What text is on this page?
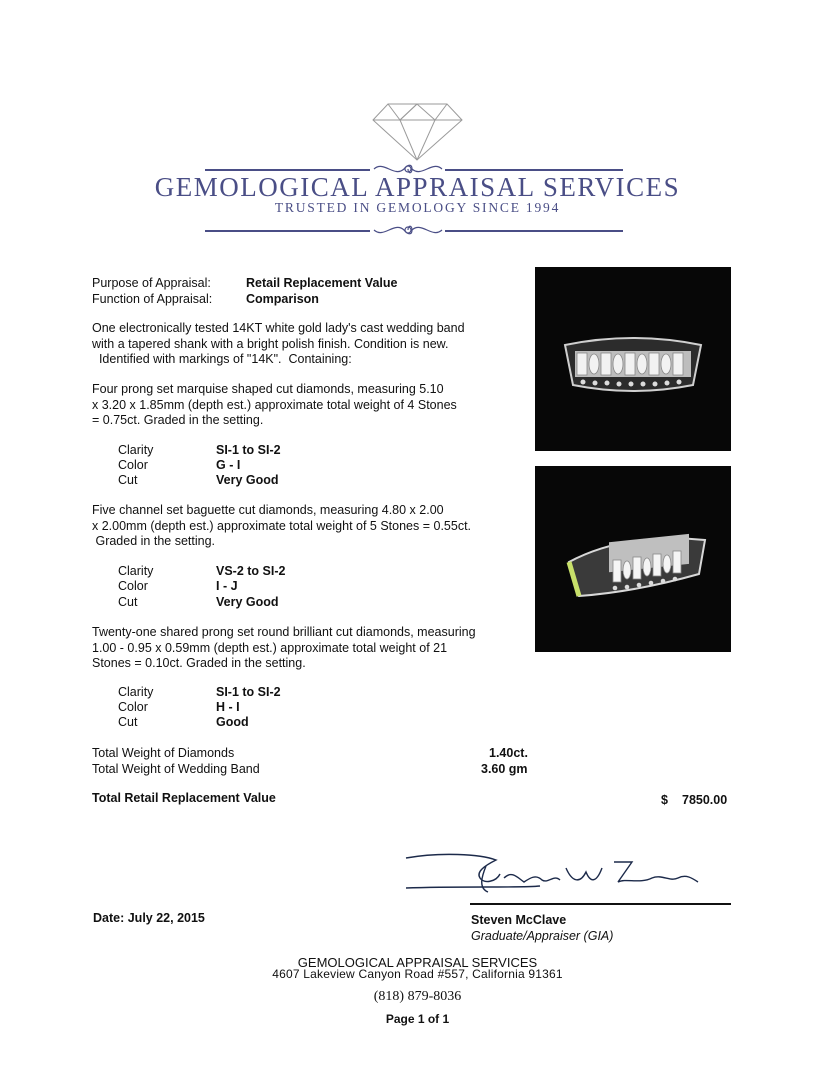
GEMOLOGICAL APPRAISAL SERVICES
TRUSTED IN GEMOLOGY SINCE 1994
Purpose of Appraisal:	Retail Replacement Value
Function of Appraisal:	Comparison
One electronically tested 14KT white gold lady's cast wedding band
with a tapered shank with a bright polish finish. Condition is new.
Identified with markings of "14K".  Containing:
Four prong set marquise shaped cut diamonds, measuring 5.10
x 3.20 x 1.85mm (depth est.) approximate total weight of 4 Stones
= 0.75ct. Graded in the setting.
Clarity	SI-1 to SI-2
Color	G - I
Cut	Very Good
Five channel set baguette cut diamonds, measuring 4.80 x 2.00
x 2.00mm (depth est.) approximate total weight of 5 Stones = 0.55ct.
Graded in the setting.
Clarity	VS-2 to SI-2
Color	I - J
Cut	Very Good
Twenty-one shared prong set round brilliant cut diamonds, measuring
1.00 - 0.95 x 0.59mm (depth est.) approximate total weight of 21
Stones = 0.10ct. Graded in the setting.
Clarity	SI-1 to SI-2
Color	H - I
Cut	Good
Total Weight of Diamonds	1.40ct.
Total Weight of Wedding Band	3.60 gm
Total Retail Replacement Value	$ 7850.00
Date: July 22, 2015	Steven McClave
Graduate/Appraiser (GIA)
GEMOLOGICAL APPRAISAL SERVICES
4607 Lakeview Canyon Road #557, California 91361
(818) 879-8036
Page 1 of 1
